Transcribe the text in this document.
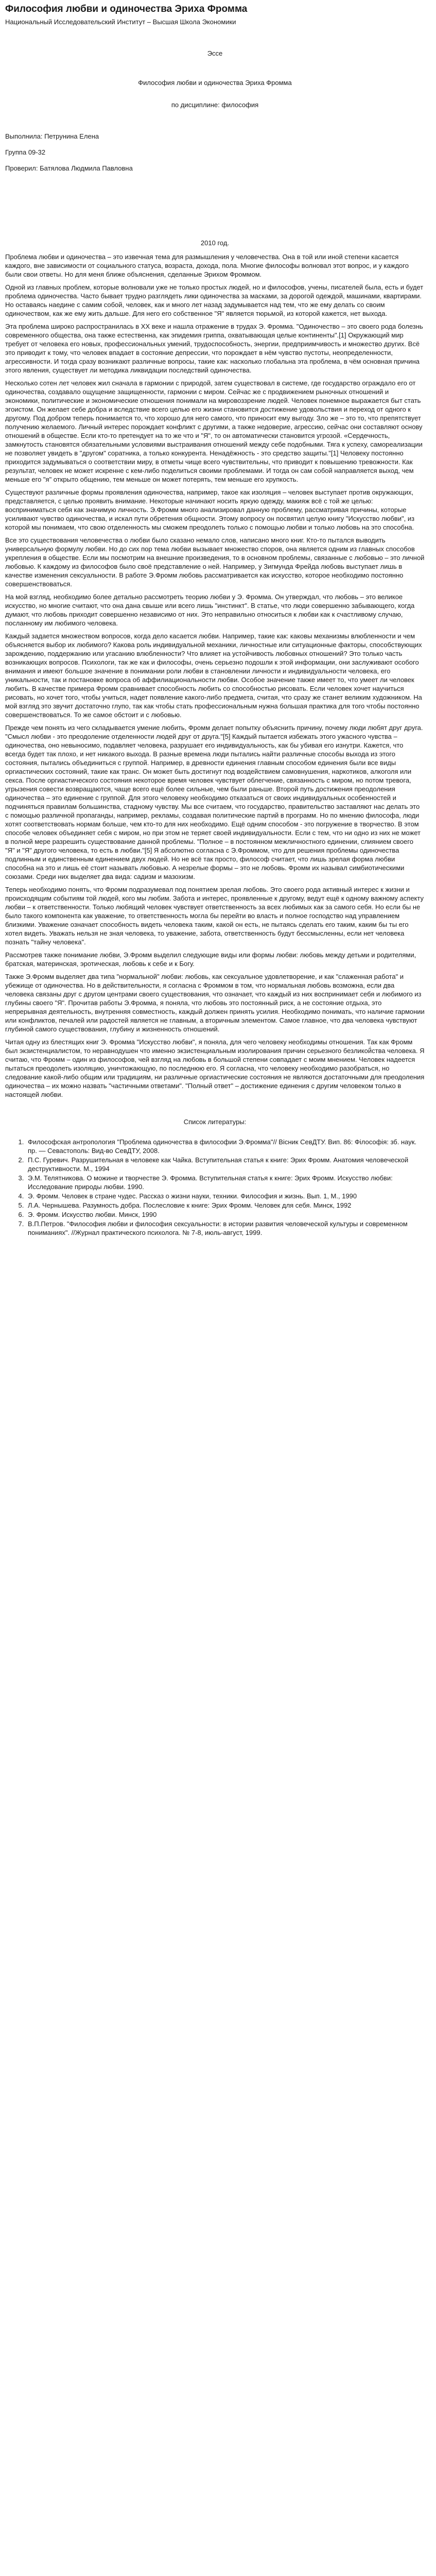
Философия любви и одиночества Эриха Фромма

Национальный Исследовательский Институт – Высшая Школа Экономики

Эссе

Философия любви и одиночества Эриха Фромма

по дисциплине: философия

Выполнила: Петрунина Елена

Группа 09-32

Проверил: Батялова Людмила Павловна

2010 год.

Проблема любви и одиночества – это извечная тема для размышления у человечества. Она в той или иной степени касается каждого, вне зависимости от социального статуса, возраста, дохода, пола. Многие философы волновал этот вопрос, и у каждого были свои ответы. Но для меня ближе объяснения, сделанные Эрихом Фроммом.

Одной из главных проблем, которые волновали уже не только простых людей, но и философов, учены, писателей была, есть и будет проблема одиночества. Часто бывает трудно разглядеть лики одиночества за масками, за дорогой одеждой, машинами, квартирами. Но оставаясь наедине с самим собой, человек, как и много лет назад задумывается над тем, что же ему делать со своим одиночеством, как же ему жить дальше. Для него его собственное "Я" является тюрьмой, из которой кажется, нет выхода.

Эта проблема широко распространилась в ХХ веке и нашла отражение в трудах Э. Фромма. "Одиночество – это своего рода болезнь современного общества, она также естественна, как эпидемия гриппа, охватывающая целые континенты".[1] Окружающий мир требует от человека его новых, профессиональных умений, трудоспособность, энергии, предприимчивость и множество других. Всё это приводит к тому, что человек впадает в состояние депрессии, что порождает в нём чувство пустоты, неопределенности, агрессивности. И тогда сразу возникают различные вопросы, такие как: насколько глобальна эта проблема, в чём основная причина этого явления, существует ли методика ликвидации последствий одиночества.

Несколько сотен лет человек жил сначала в гармонии с природой, затем существовал в системе, где государство ограждало его от одиночества, создавало ощущение защищенности, гармонии с миром. Сейчас же с продвижением рыночных отношений и экономики, политические и экономические отношения понимали на мировоззрение людей. Человек понемное выражается быт стать эгоистом. Он желает себе добра и вследствие всего целью его жизни становится достижение удовольствия и переход от одного к другому. Под добром теперь понимается то, что хорошо для него самого, что приносит ему выгоду. Зло же – это то, что препятствует получению желаемого. Личный интерес порождает конфликт с другими, а также недоверие, агрессию, сейчас они составляют основу отношений в обществе. Если кто-то претендует на то же что и "Я", то он автоматически становится угрозой. «Сердечность, замкнутость становятся обязательными условиями выстраивания отношений между себе подобными. Тяга к успеху, самореализации не позволяет увидеть в "другом" соратника, а только конкурента. Ненадёжность - это средство защиты."[1] Человеку постоянно приходится задумываться о соответствии миру, в отметы чище всего чувствительны, что приводит к повышению тревожности. Как результат, человек не может искренне с кем-либо поделиться своими проблемами. И тогда он сам собой направляется выход, чем меньше его "я" открыто общению, тем меньше он может потерять, тем меньше его хрупкость.

Существуют различные формы проявления одиночества, например, такое как изоляция – человек выступает против окружающих, представляется, с целью проявить внимание. Некоторые начинают носить яркую одежду, макияж всё с той же целью: восприниматься себя как значимую личность. Э.Фромм много анализировал данную проблему, рассматривая причины, которые усиливают чувство одиночества, и искал пути обретения общности. Этому вопросу он посвятил целую книгу "Искусство любви", из которой мы понимаем, что свою отделенность мы сможем преодолеть только с помощью любви и только любовь на это способна.

Все это существования человечества о любви было сказано немало слов, написано много книг. Кто-то пытался выводить универсальную формулу любви. Но до сих пор тема любви вызывает множество споров, она является одним из главных способов укрепления в обществе. Если мы посмотрим на внешние произведения, то в основном проблемы, связанные с любовью – это личной любовью. К каждому из философов было своё представление о ней. Например, у Зигмунда Фрейда любовь выступает лишь в качестве изменения сексуальности. В работе Э.Фромм любовь рассматривается как искусство, которое необходимо постоянно совершенствоваться.

На мой взгляд, необходимо более детально рассмотреть теорию любви у Э. Фромма. Он утверждал, что любовь – это великое искусство, но многие считают, что она дана свыше или всего лишь "инстинкт". В статье, что люди совершенно забывающего, когда думают, что любовь приходит совершенно независимо от них. Это неправильно относиться к любви как к счастливому случаю, посланному им любимого человека.

Каждый задается множеством вопросов, когда дело касается любви. Например, такие как: каковы механизмы влюбленности и чем объясняется выбор их любимого? Какова роль индивидуальной механики, личностные или ситуационные факторы, способствующих зарождению, поддержанию или угасанию влюбленности? Что влияет на устойчивость любовных отношений? Это только часть возникающих вопросов. Психологи, так же как и философы, очень серьезно подошли к этой информации, они заслуживают особого внимания и имеют большое значение в понимании роли любви в становлении личности и индивидуальности человека, его уникальности, так и постановке вопроса об аффилиациональности любви. Особое значение также имеет то, что умеет ли человек любить. В качестве примера Фромм сравнивает способность любить со способностью рисовать. Если человек хочет научиться рисовать, но хочет того, чтобы учиться, надет появление какого-либо предмета, считая, что сразу же станет великим художником. На мой взгляд это звучит достаточно глупо, так как чтобы стать профессиональным нужна большая практика для того чтобы постоянно совершенствоваться. То же самое обстоит и с любовью.

Прежде чем понять из чего складывается умение любить, Фромм делает попытку объяснить причину, почему люди любят друг друга. "Смысл любви - это преодоление отделенности людей друг от друга."[5] Каждый пытается избежать этого ужасного чувства – одиночества, оно невыносимо, подавляет человека, разрушает его индивидуальность, как бы убивая его изнутри. Кажется, что всегда будет так плохо, и нет никакого выхода. В разные времена люди пытались найти различные способы выхода из этого состояния, пытались объединиться с группой. Например, в древности единения главным способом единения были все виды оргиастических состояний, такие как транс. Он может быть достигнут под воздействием самовнушения, наркотиков, алкоголя или секса. После оргиастического состояния некоторое время человек чувствует облегчение, связанность с миром, но потом тревога, угрызения совести возвращаются, чаще всего ещё более сильные, чем были раньше. Второй путь достижения преодоления одиночества – это единение с группой. Для этого человеку необходимо отказаться от своих индивидуальных особенностей и подчиняться правилам большинства, стадному чувству. Мы все считаем, что государство, правительство заставляют нас делать это с помощью различной пропаганды, например, рекламы, создавая политические партий в программ. Но по мнению философа, люди хотят соответствовать нормам больше, чем кто-то для них необходимо. Ещё одним способом - это погружение в творчество. В этом способе человек объединяет себя с миром, но при этом не теряет своей индивидуальности. Если с тем, что ни одно из них не может в полной мере разрешить существование данной проблемы. "Полное – в постоянном межличностного единении, слиянием своего "Я" и "Я" другого человека, то есть в любви."[5] Я абсолютно согласна с Э.Фроммом, что для решения проблемы одиночества подлинным и единственным единением двух людей. Но не всё так просто, философ считает, что лишь зрелая форма любви способна на это и лишь её стоит называть любовью. А незрелые формы – это не любовь. Фромм их называл симбиотическими союзами. Среди них выделяет два вида: садизм и мазохизм.

Теперь необходимо понять, что Фромм подразумевал под понятием зрелая любовь. Это своего рода активный интерес к жизни и происходящим событиям той людей, кого мы любим. Забота и интерес, проявленные к другому, ведут ещё к одному важному аспекту любви – к ответственности. Только любящий человек чувствует ответственность за всех любимых как за самого себя. Но если бы не было такого компонента как уважение, то ответственность могла бы перейти во власть и полное господство над управлением близкими. Уважение означает способность видеть человека таким, какой он есть, не пытаясь сделать его таким, каким бы ты его хотел видеть. Уважать нельзя не зная человека, то уважение, забота, ответственность будут бессмысленны, если нет человека познать "тайну человека".

Рассмотрев также понимание любви, Э.Фромм выделил следующие виды или формы любви: любовь между детьми и родителями, братская, материнская, эротическая, любовь к себе и к Богу.

Также Э.Фромм выделяет два типа "нормальной" любви: любовь, как сексуальное удовлетворение, и как "слаженная работа" и убежище от одиночества. Но в действительности, я согласна с Фроммом в том, что нормальная любовь возможна, если два человека связаны друг с другом центрами своего существования, что означает, что каждый из них воспринимает себя и любимого из глубины своего "Я". Прочитав работы Э.Фромма, я поняла, что любовь это постоянный риск, а не состояние отдыха, это непрерывная деятельность, внутренняя совместность, каждый должен принять усилия. Необходимо понимать, что наличие гармонии или конфликтов, печалей или радостей является не главным, а вторичным элементом. Самое главное, что два человека чувствуют глубиной самого существования, глубину и жизненность отношений.

Читая одну из блестящих книг Э. Фромма "Искусство любви", я поняла, для чего человеку необходимы отношения. Так как Фромм был экзистенциалистом, то неравнодушен что именно экзистенциальным изолирования причин серьезного безликой́ства человека. Я считаю, что Фромм – один из философов, чей взгляд на любовь в большой степени совпадает с моим мнением. Человек надеется пытаться преодолеть изоляцию, уничтожающую, по последнюю его. Я согласна, что человеку необходимо разобраться, но следование какой-либо общим или традициям, ни различные оргиастические состояния не являются достаточными для преодоления одиночества – их можно назвать "частичными ответами". "Полный ответ" – достижение единения с другим человеком только в настоящей любви.

Список литературы:

1. Философская антропология "Проблема одиночества в философии Э.Фромма"// Вісник СевДТУ. Вип. 86: Філософія: зб. наук. пр. — Севастополь: Вид-во СевДТУ, 2008.
2. П.С. Гуревич. Разрушительная в человеке как Чайка. Вступительная статья к книге: Эрих Фромм. Анатомия человеческой деструктивности. М., 1994
3. Э.М. Телятникова. О можине и творчестве Э. Фромма. Вступительная статья к книге: Эрих Фромм. Искусство любви: Исследование природы любви. 1990.
4. Э. Фромм. Человек в стране чудес. Рассказ о жизни науки, техники. Философия и жизнь. Вып. 1, М., 1990
5. Л.А. Чернышева. Разумность добра. Послесловие к книге: Эрих Фромм. Человек для себя. Минск, 1992
6. Э. Фромм. Искусство любви. Минск, 1990
7. В.П.Петров. "Философия любви и философия сексуальности: в истории развития человеческой культуры и современном пониманиях". //Журнал практического психолога. № 7-8, июль-август, 1999.
